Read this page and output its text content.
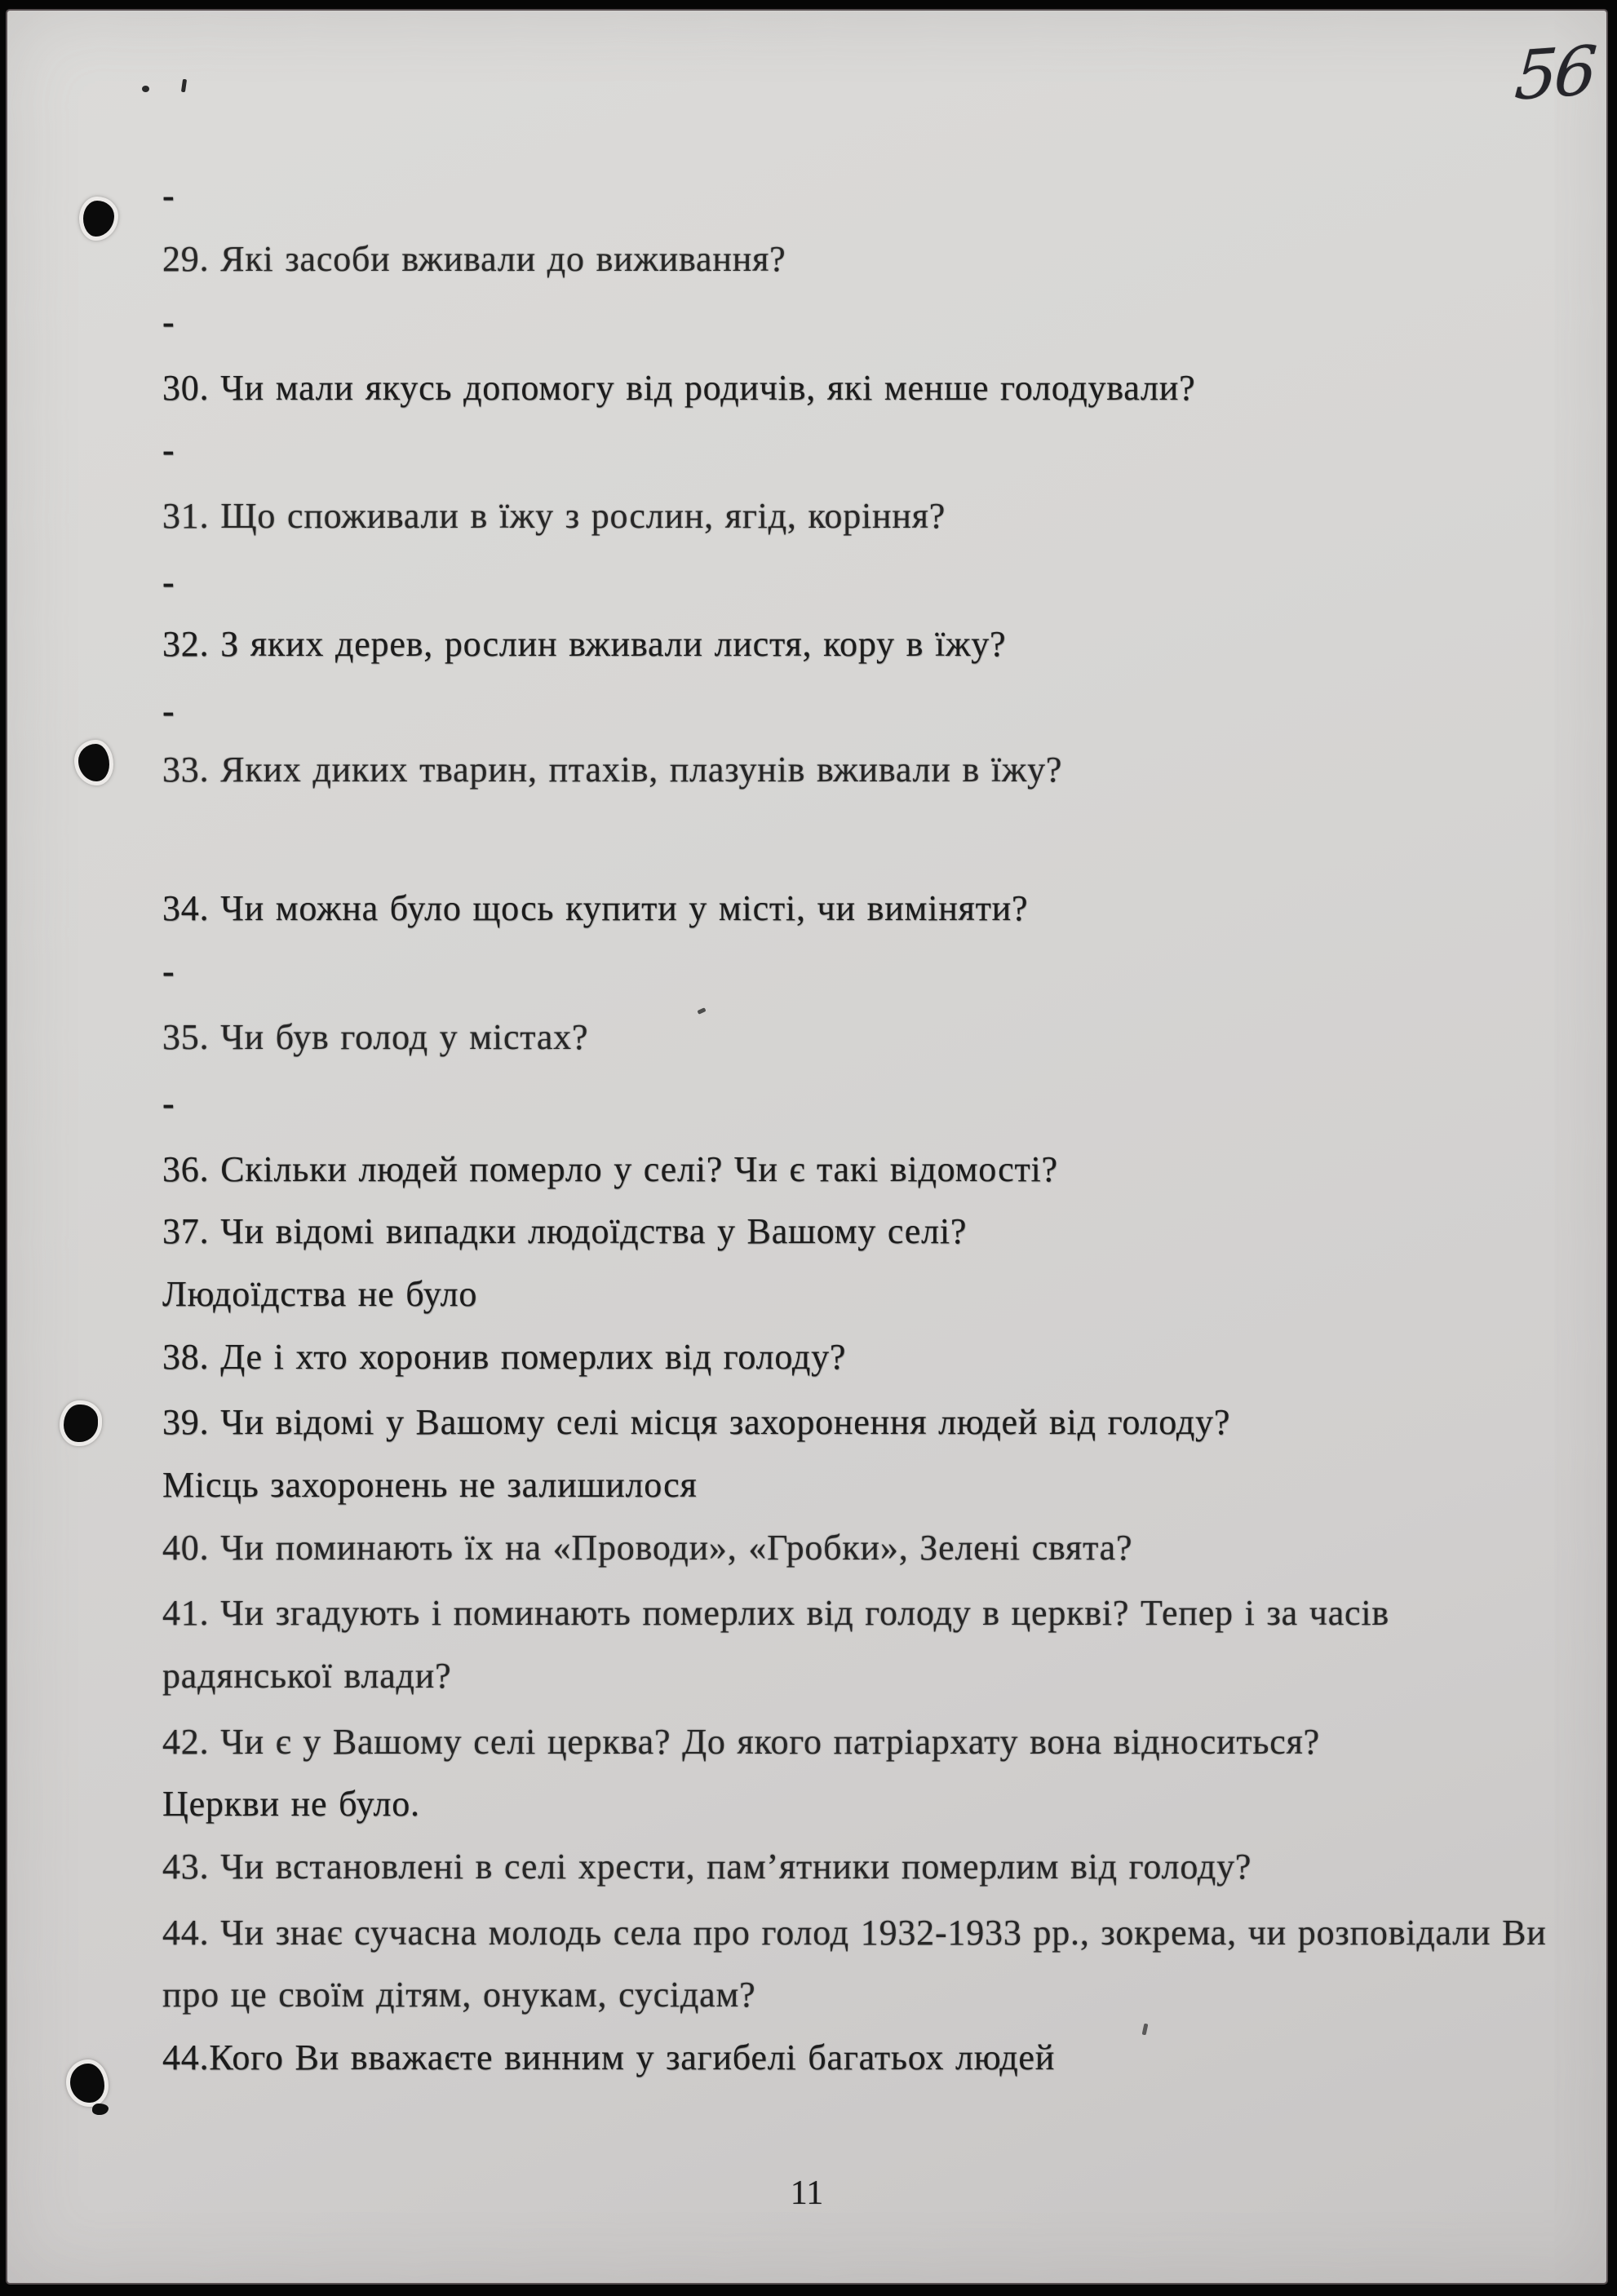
56
-
29. Які засоби вживали до виживання?
-
30. Чи мали якусь допомогу від родичів, які менше голодували?
-
31. Що споживали в їжу з рослин, ягід, коріння?
-
32. З яких дерев, рослин вживали листя, кору в їжу?
-
33. Яких диких тварин, птахів, плазунів вживали в їжу?
34. Чи можна було щось купити у місті, чи виміняти?
-
35. Чи був голод у містах?
-
36. Скільки людей померло у селі? Чи є такі відомості?
37. Чи відомі випадки людоїдства у Вашому селі?
Людоїдства не було
38. Де і хто хоронив померлих від голоду?
39. Чи відомі у Вашому селі місця захоронення людей від голоду?
Місць захоронень не залишилося
40. Чи поминають їх на «Проводи», «Гробки», Зелені свята?
41. Чи згадують і поминають померлих від голоду в церкві? Тепер і за часів
радянської влади?
42. Чи є у Вашому селі церква? До якого патріархату вона відноситься?
Церкви не було.
43. Чи встановлені в селі хрести, пам’ятники померлим від голоду?
44. Чи знає сучасна молодь села про голод 1932-1933 рр., зокрема, чи розповідали Ви
про це своїм дітям, онукам, сусідам?
44.Кого Ви вважаєте винним у загибелі багатьох людей
11
